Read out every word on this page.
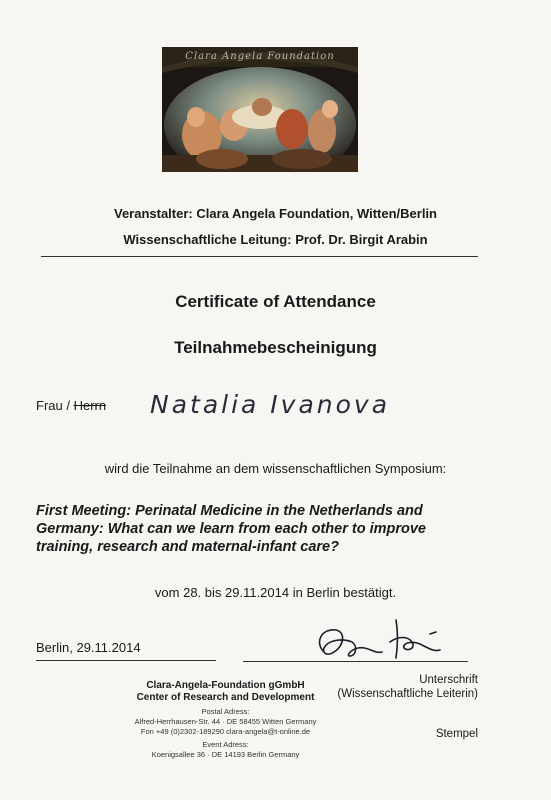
Clara Angela Foundation
Veranstalter: Clara Angela Foundation, Witten/Berlin
Wissenschaftliche Leitung: Prof. Dr. Birgit Arabin
Certificate of Attendance
Teilnahmebescheinigung
Frau / Herrn Natalia Ivanova
wird die Teilnahme an dem wissenschaftlichen Symposium:
First Meeting: Perinatal Medicine in the Netherlands and
Germany: What can we learn from each other to improve
training, research and maternal-infant care?
vom 28. bis 29.11.2014 in Berlin bestätigt.
Berlin, 29.11.2014
Unterschrift
(Wissenschaftliche Leiterin)
Stempel
Clara-Angela-Foundation gGmbH
Center of Research and Development
Postal Adress:
Alfred-Herrhausen-Str. 44 · DE 58455 Witten Germany
Fon +49 (0)2302-189290 clara-angela@t-online.de
Event Adress:
Koenigsallee 36 · DE 14193 Berlin Germany
